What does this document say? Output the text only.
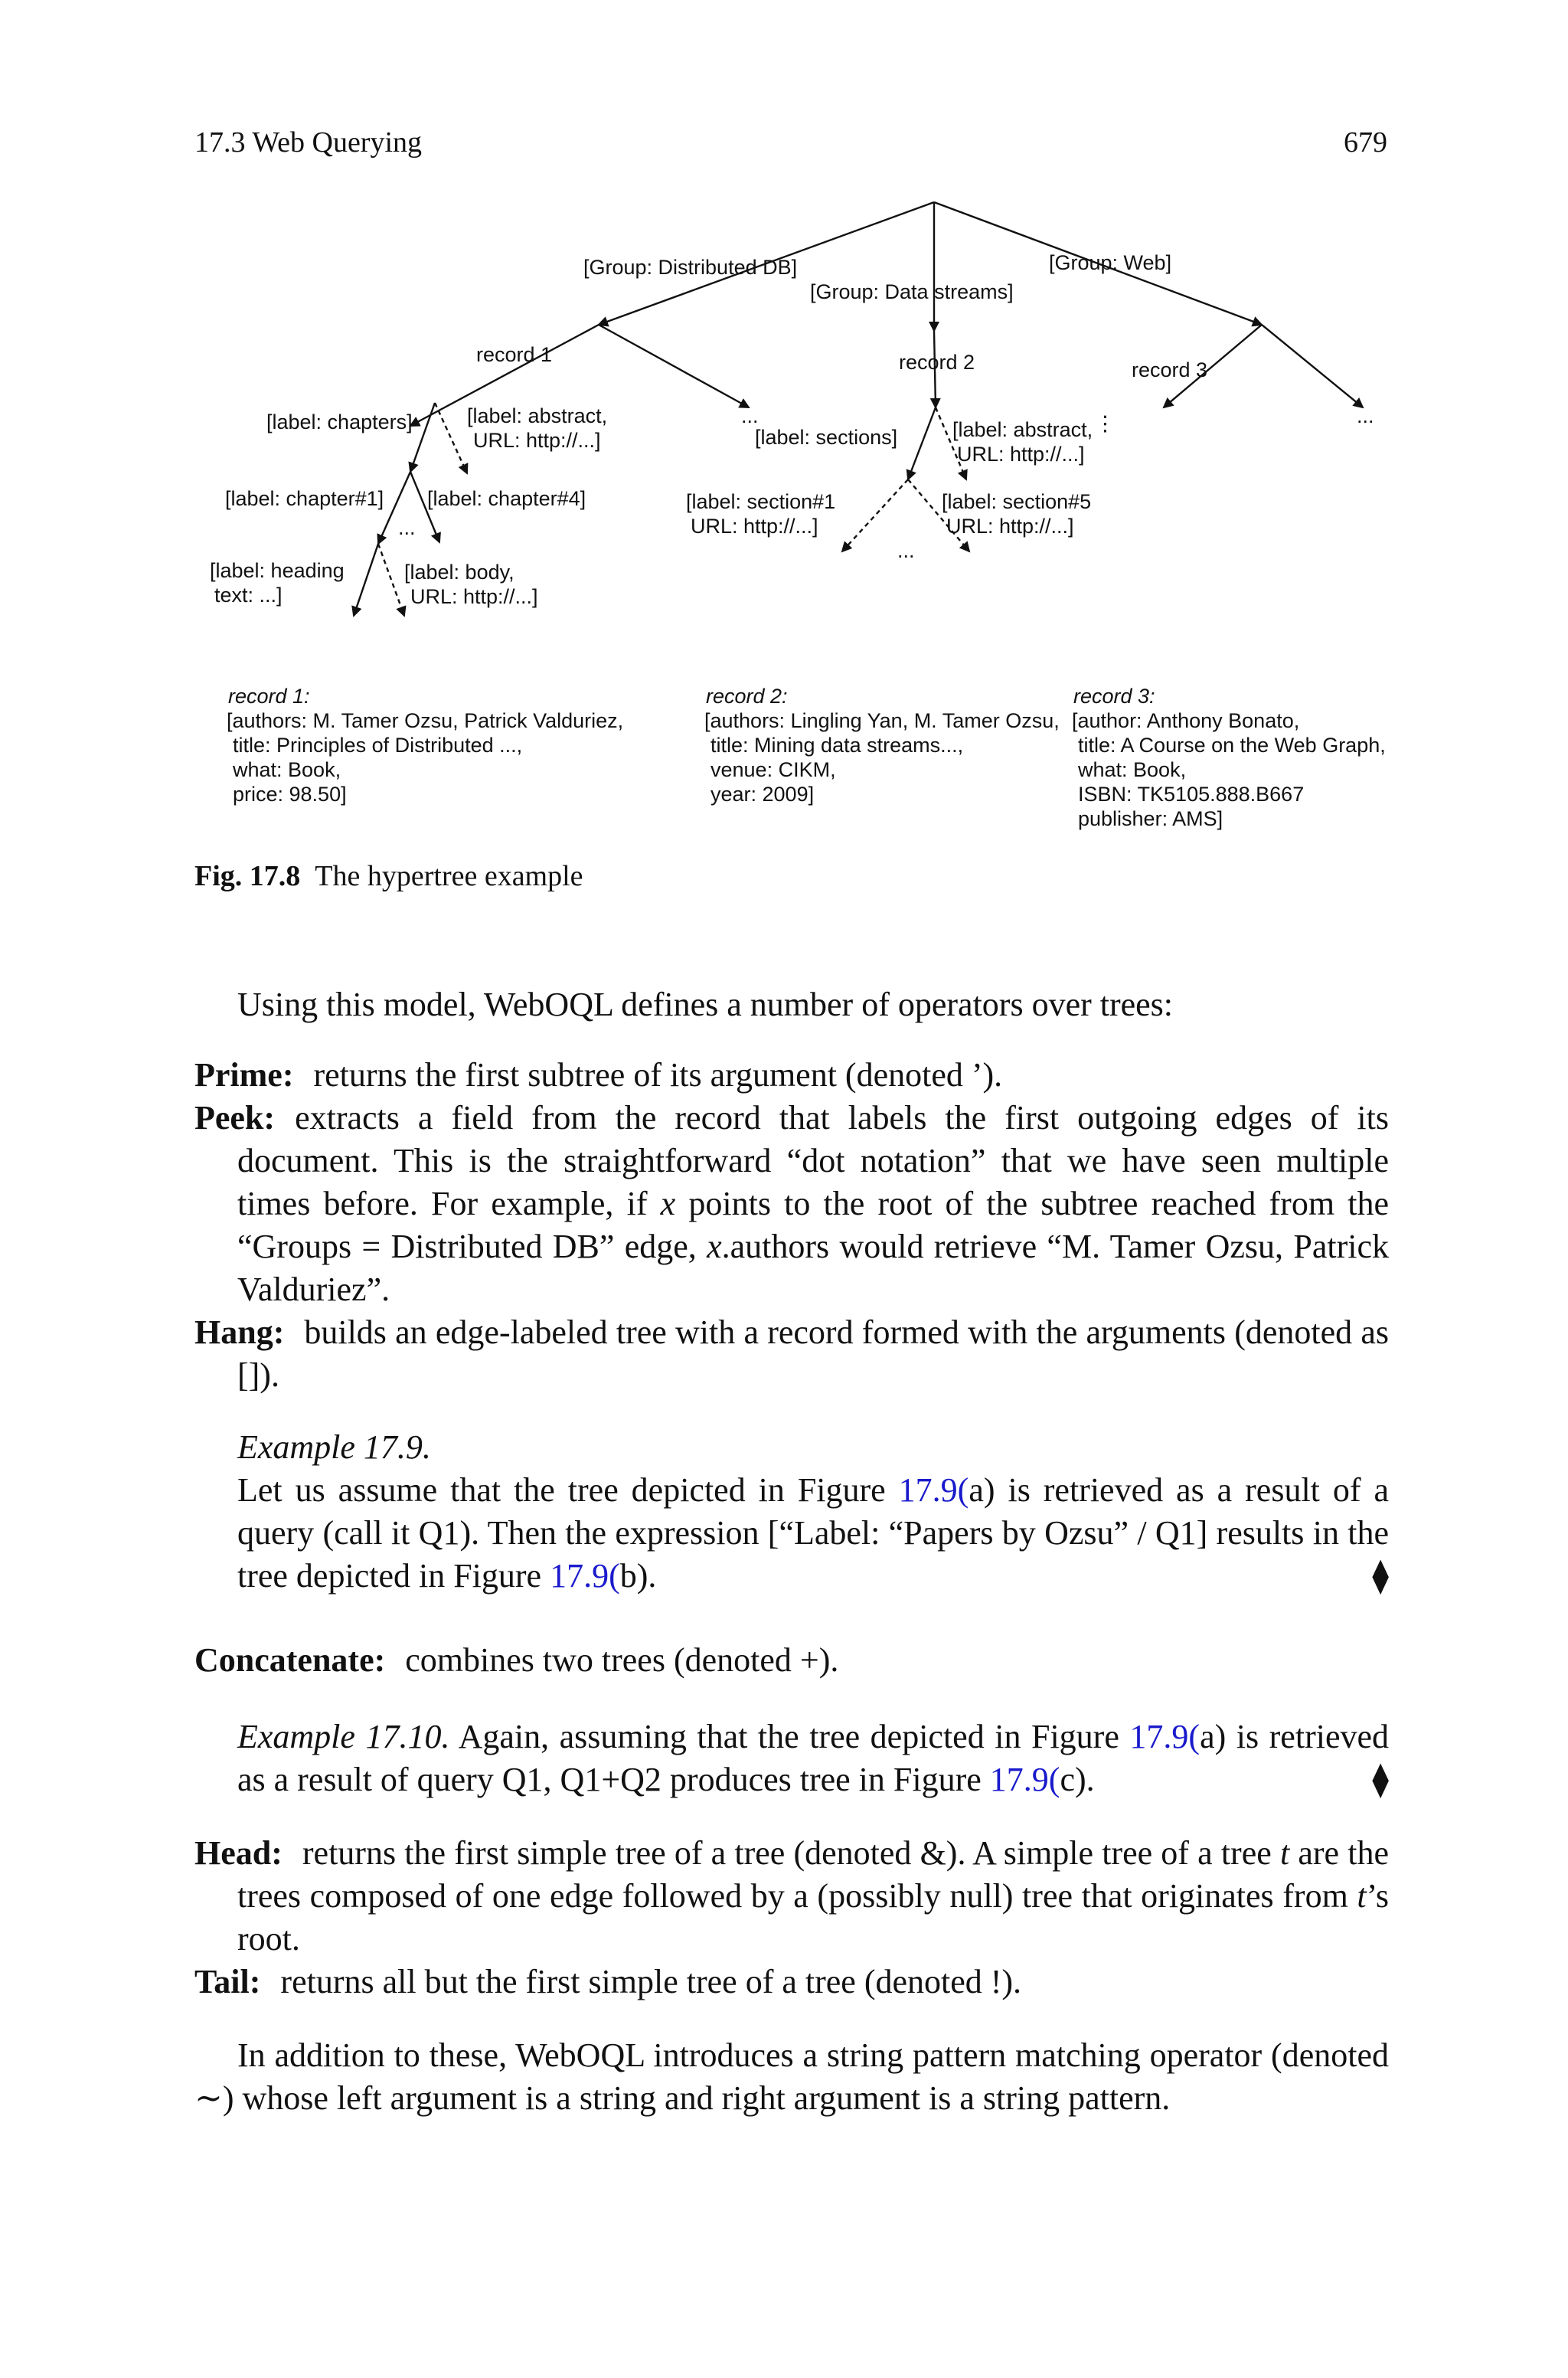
17.3 Web Querying	679
[Group: Distributed DB]
[Group: Data streams]
[Group: Web]
record 1	record 2	record 3
...	...
[label: chapters]	[label: abstract,
URL: http://...]	[label: sections]	[label: abstract,
URL: http://...]
⋮
[label: chapter#1] [label: chapter#4]
...
[label: section#1
URL: http://...]
[label: section#5
URL: http://...]
...
[label: heading
text: ...]
[label: body,
URL: http://...]
record 1:
[authors: M. Tamer Ozsu, Patrick Valduriez,
title: Principles of Distributed ...,
what: Book,
price: 98.50]
record 2:
[authors: Lingling Yan, M. Tamer Ozsu,
title: Mining data streams...,
venue: CIKM,
year: 2009]
record 3:
[author: Anthony Bonato,
title: A Course on the Web Graph,
what: Book,
ISBN: TK5105.888.B667
publisher: AMS]
Fig. 17.8 The hypertree example
Using this model, WebOQL defines a number of operators over trees:
Prime: returns the first subtree of its argument (denoted ’).
Peek: extracts a field from the record that labels the first outgoing edges of its document. This is the straightforward “dot notation” that we have seen multiple times before. For example, if x points to the root of the subtree reached from the “Groups = Distributed DB” edge, x.authors would retrieve “M. Tamer Ozsu, Patrick Valduriez”.
Hang: builds an edge-labeled tree with a record formed with the arguments (denoted as []).
Example 17.9.
Let us assume that the tree depicted in Figure 17.9(a) is retrieved as a result of a query (call it Q1). Then the expression [“Label: “Papers by Ozsu” / Q1] results in the tree depicted in Figure 17.9(b).	⧫
Concatenate: combines two trees (denoted +).
Example 17.10. Again, assuming that the tree depicted in Figure 17.9(a) is retrieved as a result of query Q1, Q1+Q2 produces tree in Figure 17.9(c).	⧫
Head: returns the first simple tree of a tree (denoted &). A simple tree of a tree t are the trees composed of one edge followed by a (possibly null) tree that originates from t’s root.
Tail: returns all but the first simple tree of a tree (denoted !).
In addition to these, WebOQL introduces a string pattern matching operator (denoted ∼) whose left argument is a string and right argument is a string pattern.
